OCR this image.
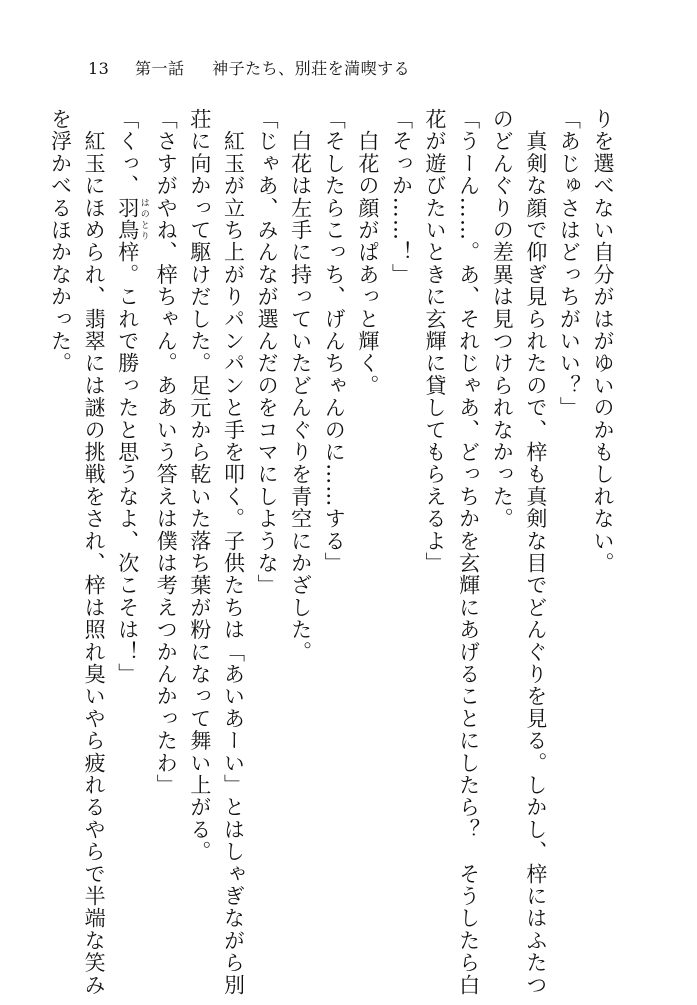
13 第一話 　 神子たち、別荘を満喫する
りを選べない自分がはがゆいのかもしれない。
「あじゅさはどっちがいい？」
真剣な顔で仰ぎ見られたので、梓も真剣な目でどんぐりを見る。しかし、梓にはふたつ
のどんぐりの差異は見つけられなかった。
「うーん……。あ、それじゃあ、どっちかを玄輝にあげることにしたら？　そうしたら白
花が遊びたいときに玄輝に貸してもらえるよ」
「そっか……！」
白花の顔がぱあっと輝く。
「そしたらこっち、げんちゃんのに……する」
白花は左手に持っていたどんぐりを青空にかざした。
「じゃあ、みんなが選んだのをコマにしような」
紅玉が立ち上がりパンパンと手を叩く。子供たちは「あいあーい」とはしゃぎながら別
荘に向かって駆けだした。足元から乾いた落ち葉が粉になって舞い上がる。
「さすがやね、梓ちゃん。ああいう答えは僕は考えつかんかったわ」
「くっ、羽鳥 はのとり梓。これで勝ったと思うなよ、次こそは！」
紅玉にほめられ、翡翠には謎の挑戦をされ、梓は照れ臭いやら疲れるやらで半端な笑み
を浮かべるほかなかった。
